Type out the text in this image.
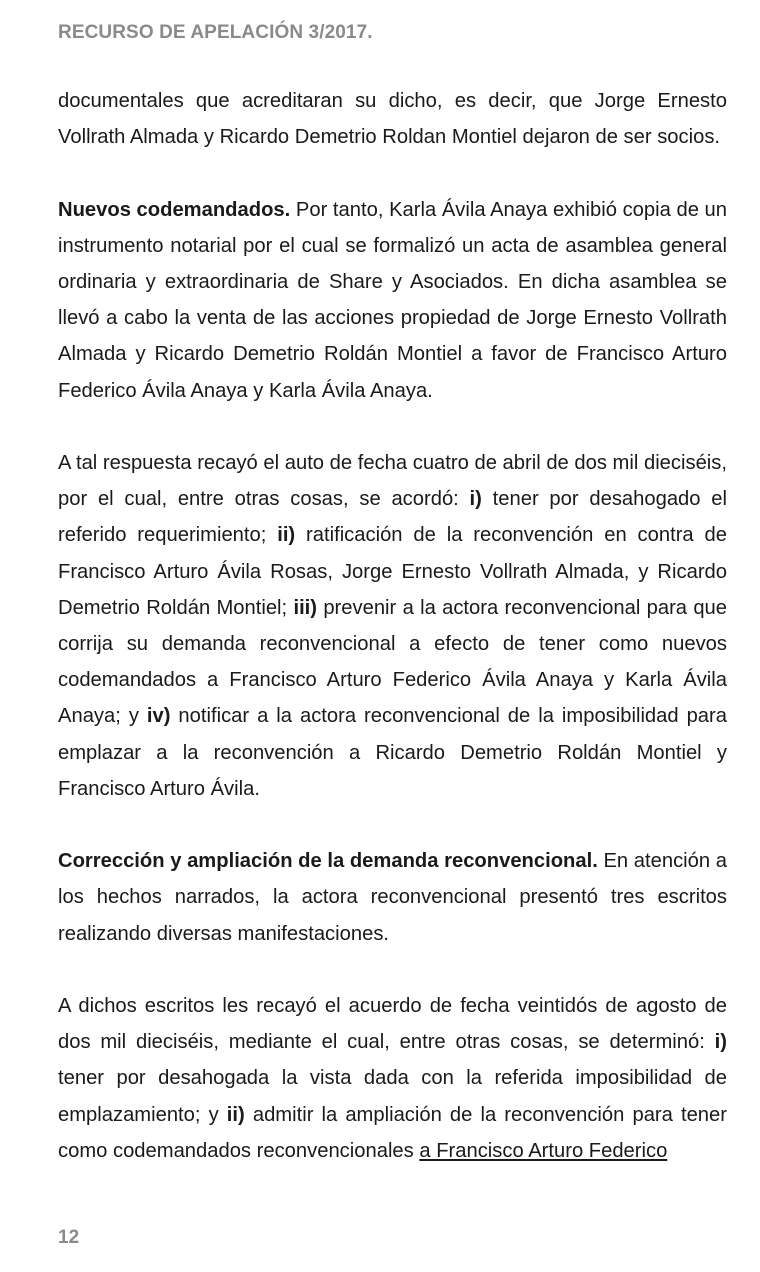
RECURSO DE APELACIÓN 3/2017.

documentales que acreditaran su dicho, es decir, que Jorge Ernesto Vollrath Almada y Ricardo Demetrio Roldan Montiel dejaron de ser socios.

Nuevos codemandados. Por tanto, Karla Ávila Anaya exhibió copia de un instrumento notarial por el cual se formalizó un acta de asamblea general ordinaria y extraordinaria de Share y Asociados. En dicha asamblea se llevó a cabo la venta de las acciones propiedad de Jorge Ernesto Vollrath Almada y Ricardo Demetrio Roldán Montiel a favor de Francisco Arturo Federico Ávila Anaya y Karla Ávila Anaya.

A tal respuesta recayó el auto de fecha cuatro de abril de dos mil dieciséis, por el cual, entre otras cosas, se acordó: i) tener por desahogado el referido requerimiento; ii) ratificación de la reconvención en contra de Francisco Arturo Ávila Rosas, Jorge Ernesto Vollrath Almada, y Ricardo Demetrio Roldán Montiel; iii) prevenir a la actora reconvencional para que corrija su demanda reconvencional a efecto de tener como nuevos codemandados a Francisco Arturo Federico Ávila Anaya y Karla Ávila Anaya; y iv) notificar a la actora reconvencional de la imposibilidad para emplazar a la reconvención a Ricardo Demetrio Roldán Montiel y Francisco Arturo Ávila.

Corrección y ampliación de la demanda reconvencional. En atención a los hechos narrados, la actora reconvencional presentó tres escritos realizando diversas manifestaciones.

A dichos escritos les recayó el acuerdo de fecha veintidós de agosto de dos mil dieciséis, mediante el cual, entre otras cosas, se determinó: i) tener por desahogada la vista dada con la referida imposibilidad de emplazamiento; y ii) admitir la ampliación de la reconvención para tener como codemandados reconvencionales a Francisco Arturo Federico

12
